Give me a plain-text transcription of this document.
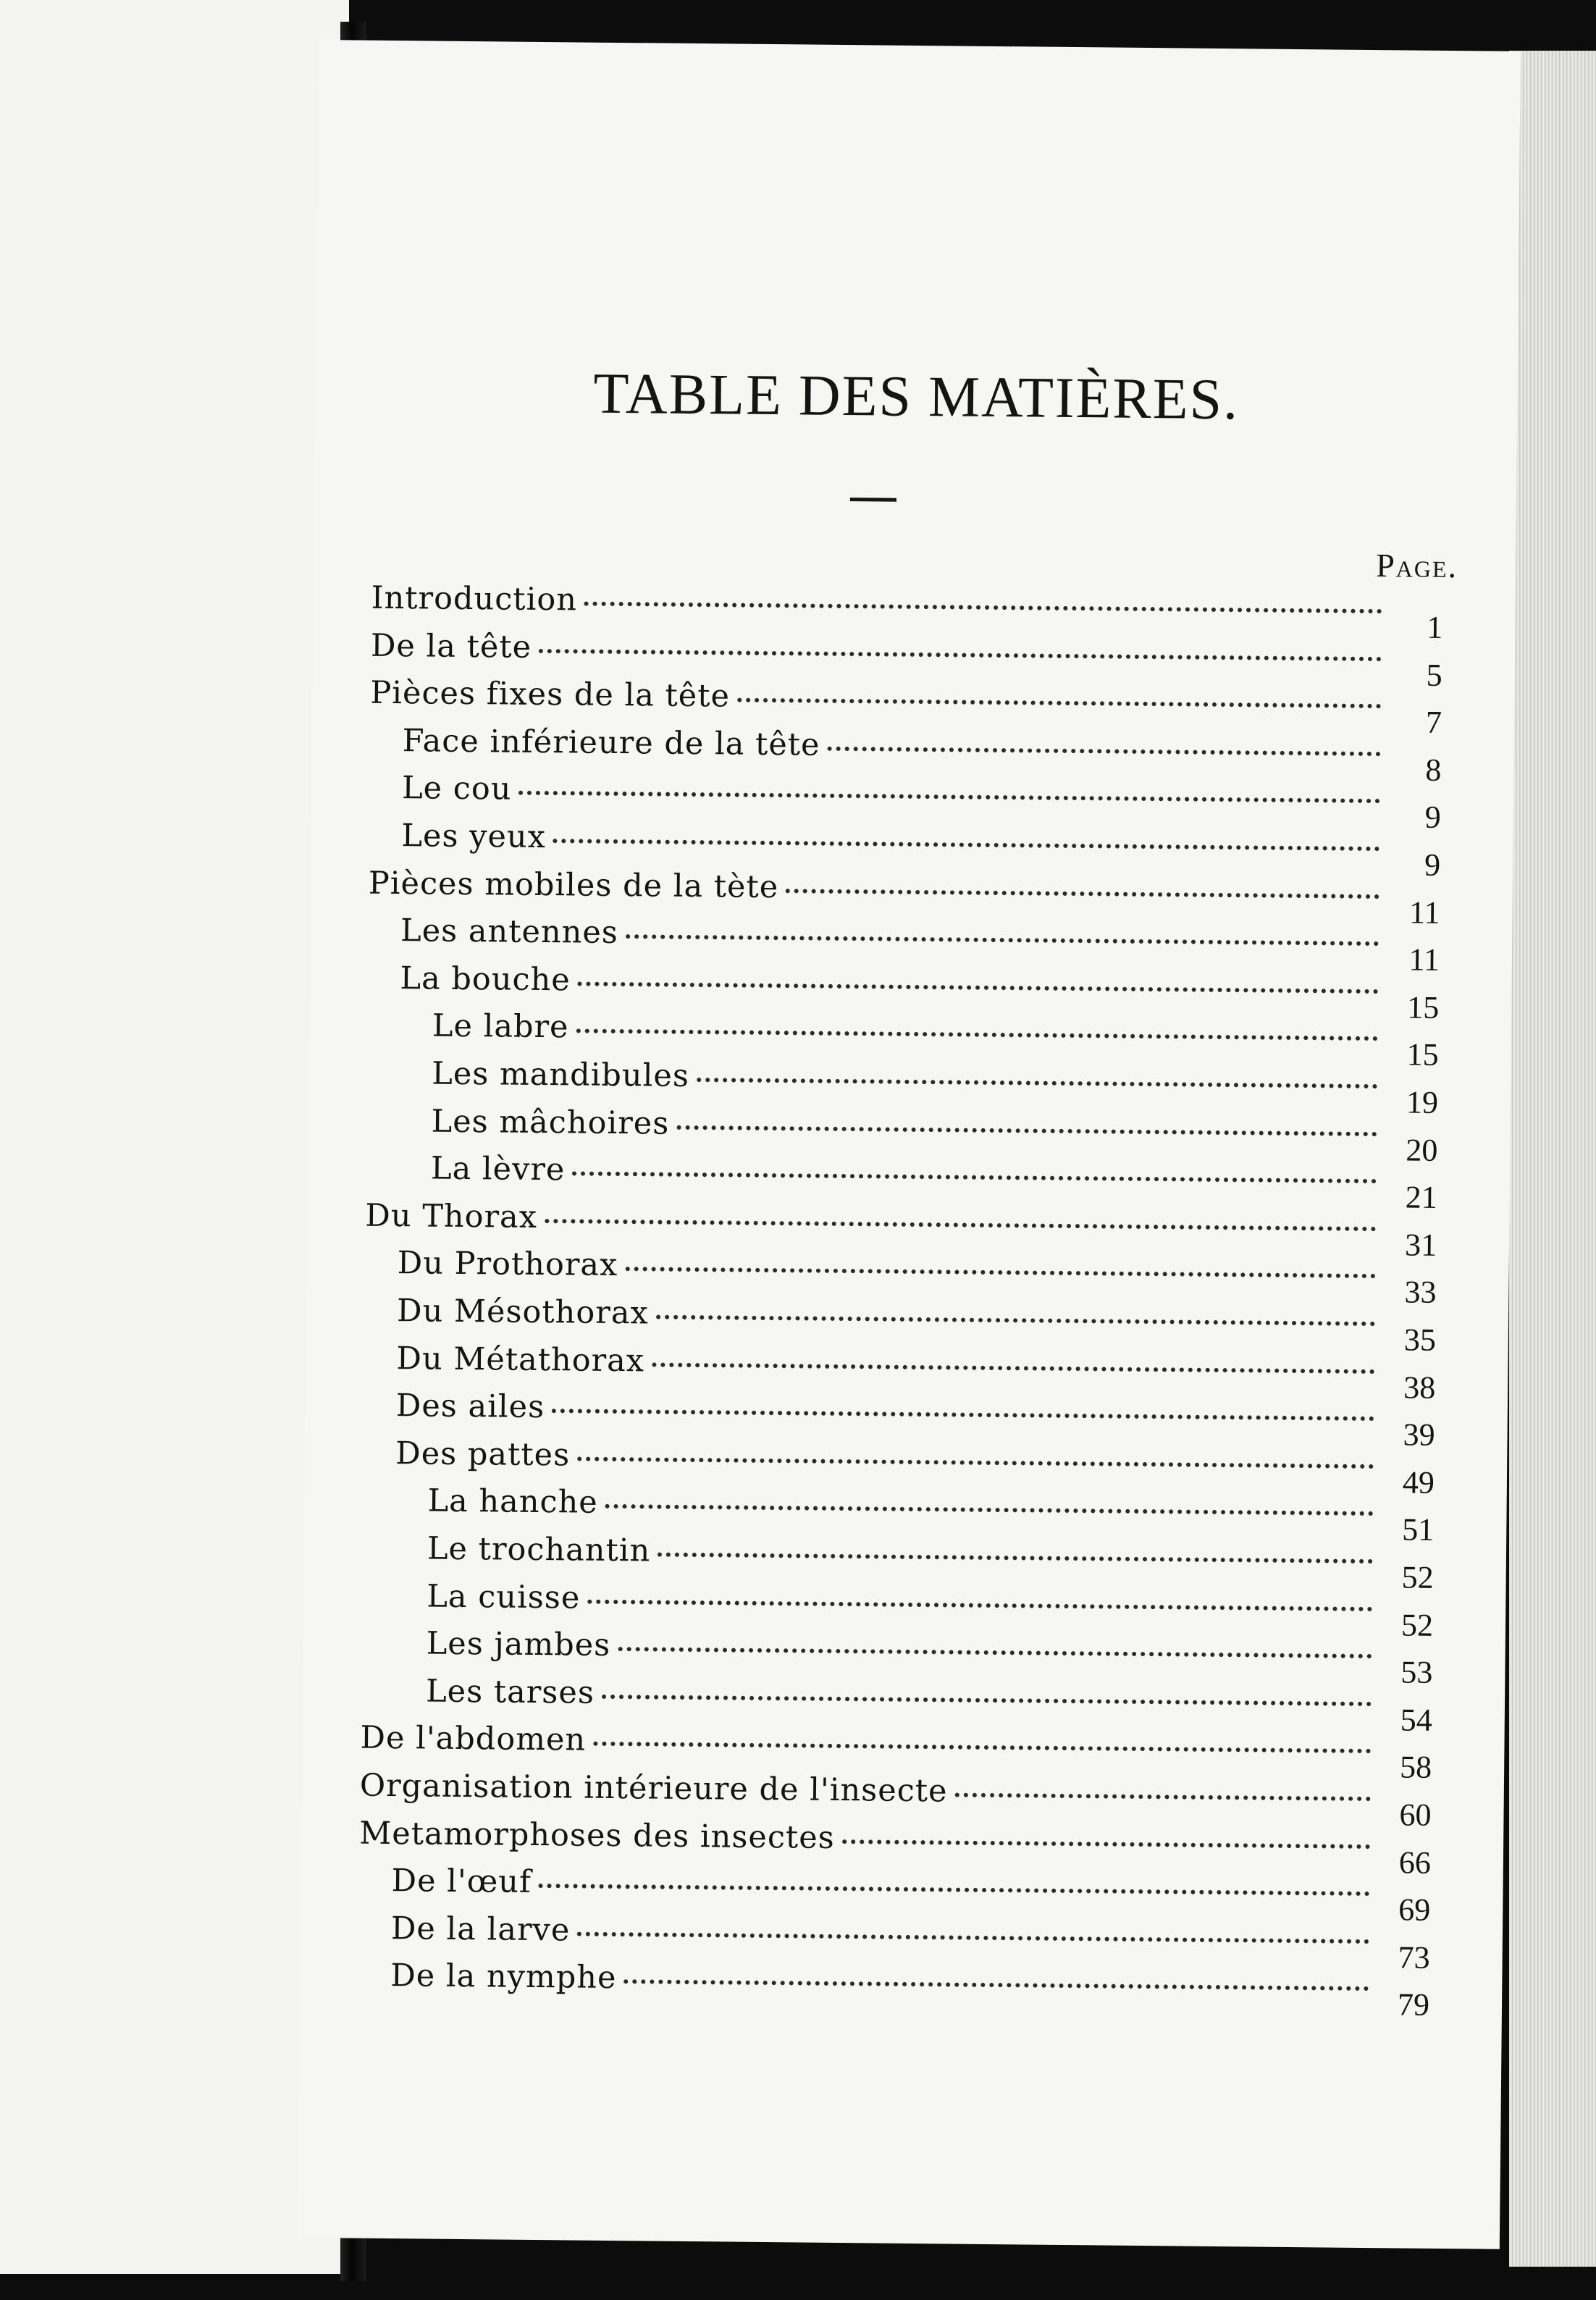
TABLE DES MATIÈRES.
Page.
Introduction
1
De la tête
5
Pièces fixes de la tête
7
Face inférieure de la tête
8
Le cou
9
Les yeux
9
Pièces mobiles de la tète
11
Les antennes
11
La bouche
15
Le labre
15
Les mandibules
19
Les mâchoires
20
La lèvre
21
Du Thorax
31
Du Prothorax
33
Du Mésothorax
35
Du Métathorax
38
Des ailes
39
Des pattes
49
La hanche
51
Le trochantin
52
La cuisse
52
Les jambes
53
Les tarses
54
De l'abdomen
58
Organisation intérieure de l'insecte
60
Metamorphoses des insectes
66
De l'œuf
69
De la larve
73
De la nymphe
79
